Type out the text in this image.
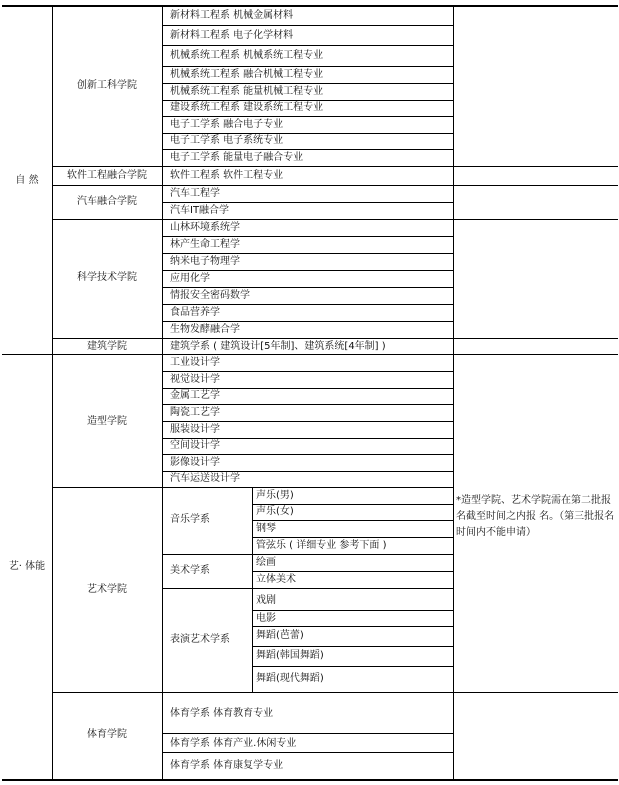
自 然
艺· 体能
创新工科学院
软件工程融合学院
汽车融合学院
科学技术学院
建筑学院
造型学院
艺术学院
体育学院
音乐学系
美术学系
表演艺术学系
新材料工程系 机械金属材料
新材料工程系 电子化学材料
机械系统工程系 机械系统工程专业
机械系统工程系 融合机械工程专业
机械系统工程系 能量机械工程专业
建设系统工程系 建设系统工程专业
电子工学系 融合电子专业
电子工学系 电子系统专业
电子工学系 能量电子融合专业
软件工程系 软件工程专业
汽车工程学
汽车IT融合学
山林环境系统学
林产生命工程学
纳米电子物理学
应用化学
情报安全密码数学
食品营养学
生物发酵融合学
建筑学系 ( 建筑设计[5年制]、建筑系统[4年制] )
工业设计学
视觉设计学
金属工艺学
陶瓷工艺学
服装设计学
空间设计学
影像设计学
汽车运送设计学
声乐(男)
声乐(女)
钢琴
管弦乐 ( 详细专业 参考下面 )
绘画
立体美术
戏剧
电影
舞蹈(芭蕾)
舞蹈(韩国舞蹈)
舞蹈(现代舞蹈)
体育学系 体育教育专业
体育学系 体育产业.休闲专业
体育学系 体育康复学专业
*造型学院、艺术学院需在第二批报名截至时间之内报 名。（第三批报名时间内不能申请）
